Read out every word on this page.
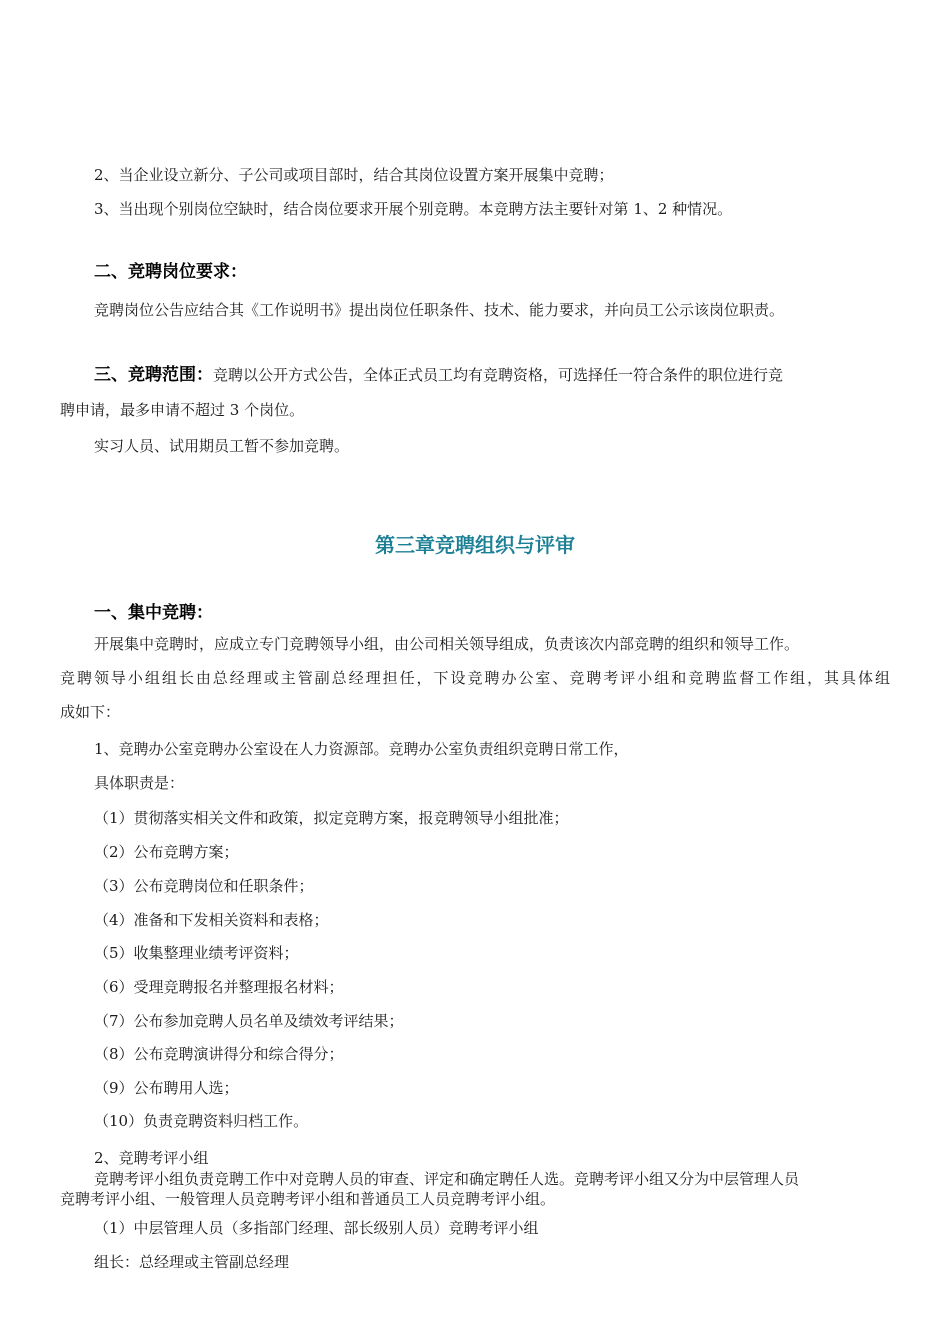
2、当企业设立新分、子公司或项目部时，结合其岗位设置方案开展集中竞聘；
3、当出现个别岗位空缺时，结合岗位要求开展个别竞聘。本竞聘方法主要针对第 1、2 种情况。
二、竞聘岗位要求：
竞聘岗位公告应结合其《工作说明书》提出岗位任职条件、技术、能力要求，并向员工公示该岗位职责。
三、竞聘范围：竞聘以公开方式公告，全体正式员工均有竞聘资格，可选择任一符合条件的职位进行竞
聘申请，最多申请不超过 3 个岗位。
实习人员、试用期员工暂不参加竞聘。
第三章竞聘组织与评审
一、集中竞聘：
开展集中竞聘时，应成立专门竞聘领导小组，由公司相关领导组成，负责该次内部竞聘的组织和领导工作。
竞聘领导小组组长由总经理或主管副总经理担任，下设竞聘办公室、竞聘考评小组和竞聘监督工作组，其具体组
成如下：
1、竞聘办公室竞聘办公室设在人力资源部。竞聘办公室负责组织竞聘日常工作，
具体职责是：
（1）贯彻落实相关文件和政策，拟定竞聘方案，报竞聘领导小组批准；
（2）公布竞聘方案；
（3）公布竞聘岗位和任职条件；
（4）准备和下发相关资料和表格；
（5）收集整理业绩考评资料；
（6）受理竞聘报名并整理报名材料；
（7）公布参加竞聘人员名单及绩效考评结果；
（8）公布竞聘演讲得分和综合得分；
（9）公布聘用人选；
（10）负责竞聘资料归档工作。
2、竞聘考评小组
竞聘考评小组负责竞聘工作中对竞聘人员的审查、评定和确定聘任人选。竞聘考评小组又分为中层管理人员
竞聘考评小组、一般管理人员竞聘考评小组和普通员工人员竞聘考评小组。
（1）中层管理人员（多指部门经理、部长级别人员）竞聘考评小组
组长：总经理或主管副总经理
